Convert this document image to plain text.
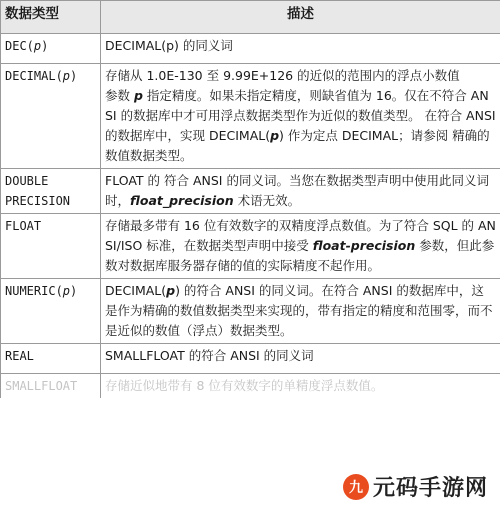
数据类型	描述
DEC(p)	DECIMAL(p) 的同义词
DECIMAL(p)	存储从 1.0E-130 至 9.99E+126 的近似的范围内的浮点小数值
参数 p 指定精度。如果未指定精度，则缺省值为 16。仅在不符合 ANSI 的数据库中才可用浮点数据类型作为近似的数值类型。 在符合 ANSI 的数据库中，实现 DECIMAL(p) 作为定点 DECIMAL；请参阅 精确的数值数据类型。

DOUBLE
PRECISION	FLOAT 的 符合 ANSI 的同义词。当您在数据类型声明中使用此同义词时，float_precision 术语无效。
FLOAT	存储最多带有 16 位有效数字的双精度浮点数值。为了符合 SQL 的 ANSI/ISO 标准，在数据类型声明中接受 float-precision 参数，但此参数对数据库服务器存储的值的实际精度不起作用。
NUMERIC(p)	DECIMAL(p) 的符合 ANSI 的同义词。在符合 ANSI 的数据库中，这是作为精确的数值数据类型来实现的，带有指定的精度和范围零，而不是近似的数值（浮点）数据类型。
REAL	SMALLFLOAT 的符合 ANSI 的同义词
SMALLFLOAT	存储近似地带有 8 位有效数字的单精度浮点数值。
九 元码手游网
